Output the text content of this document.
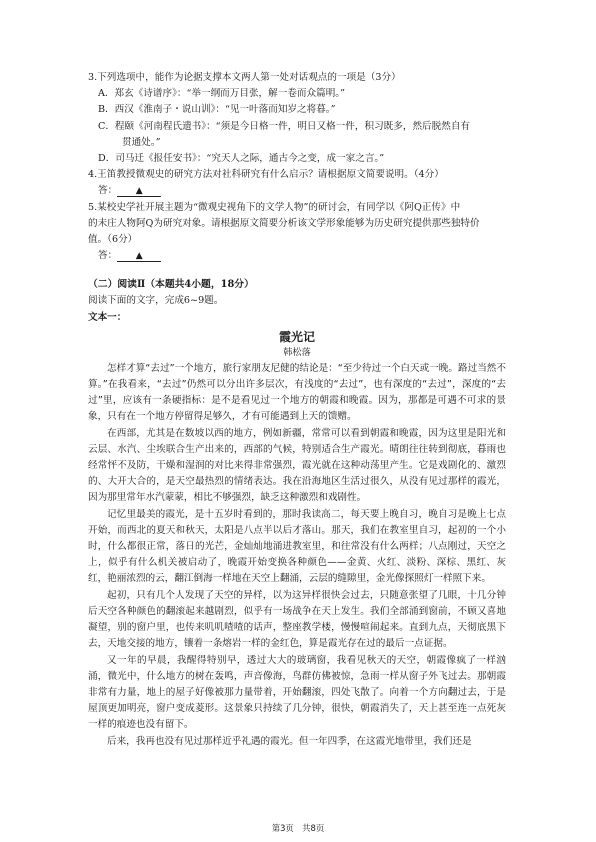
3.下列选项中，能作为论据支撑本文两人第一处对话观点的一项是（3分）
A．郑玄《诗谱序》：“举一纲而万目张，解一卷而众篇明。”
B．西汉《淮南子・说山训》：“见一叶落而知岁之将暮。”
C．程颐《河南程氏遗书》：“须是今日格一件，明日又格一件，积习既多，然后脱然自有
贯通处。”
D．司马迁《报任安书》：“究天人之际，通古今之变，成一家之言。”
4.王笛教授微观史的研究方法对社科研究有什么启示？请根据原文简要说明。（4分）
答： ▲
5.某校史学社开展主题为“微观史视角下的文学人物”的研讨会，有同学以《阿Q正传》中
的未庄人物阿Q为研究对象。请根据原文简要分析该文学形象能够为历史研究提供那些独特价
值。（6分）
答： ▲
（二）阅读Ⅱ（本题共4小题，18分）
阅读下面的文字，完成6~9题。
文本一：
霞光记
韩松落
怎样才算“去过”一个地方，旅行家朋友尼健的结论是：“至少待过一个白天或一晚。路过当然不算。”在我看来，“去过”仍然可以分出许多层次，有浅度的“去过”，也有深度的“去过”，深度的“去过”里，应该有一条硬指标：是不是看见过一个地方的朝霞和晚霞。因为，那都是可遇不可求的景象，只有在一个地方停留得足够久，才有可能遇到上天的馈赠。
在西部，尤其是在数坡以西的地方，例如新疆，常常可以看到朝霞和晚霞，因为这里是阳光和云层、水汽、尘埃联合生产出来的，西部的气候，特别适合生产霞光。晴朗往往转到彻底，暮雨也经常怦不及防，干燥和湿润的对比来得非常强烈，霞光就在这种动荡里产生。它是戏剧化的、激烈的、大开大合的，是天空最热烈的情绪表达。我在沿海地区生活过很久，从没有见过那样的霞光，因为那里常年水汽蒙蒙，相比不够强烈，缺乏这种激烈和戏剧性。
记忆里最美的霞光，是十五岁时看到的，那时我读高二，每天要上晚自习，晚自习是晚上七点开始，而西北的夏天和秋天，太阳是八点半以后才落山。那天，我们在教室里自习，起初的一个小时，什么都很正常，落日的光芒，金灿灿地涌进教室里，和往常没有什么两样；八点刚过，天空之上，似乎有什么机关被启动了，晚霞开始变换各种颜色——金黄、火红、淡粉、深棕、黑红、灰红，艳丽浓烈的云，翻江倒海一样地在天空上翻涌，云层的缝隙里，金光像探照灯一样照下来。
起初，只有几个人发现了天空的异样，以为这异样很快会过去，只随意张望了几眼，十几分钟后天空各种颜色的翻滚起来越剧烈，似乎有一场战争在天上发生。我们全部涌到窗前，不顾又喜地凝望，别的窗户里，也传来叽叽喳喳的话声，整座教学楼，慢慢喧闹起来。直到九点，天彻底黑下去，天地交接的地方，镶着一条熔岩一样的金红色，算是霞光存在过的最后一点证据。
又一年的早晨，我醒得特别早，透过大大的玻璃窗，我看见秋天的天空，朝霞像疯了一样汹涌，微光中，什么地方的树在轰鸣，声音像海，鸟群仿佛被惊，急雨一样从窗子外飞过去。那朝霞非常有力量，地上的屋子好像被那力量带着，开始翻滚，四处飞散了。向着一个方向翻过去，于是屋顶更加明亮，窗户变成菱形。这景象只持续了几分钟，很快，朝霞消失了，天上甚至连一点死灰一样的痕迹也没有留下。
后来，我再也没有见过那样近乎礼遇的霞光。但一年四季，在这霞光地带里，我们还是
第3页　共8页
